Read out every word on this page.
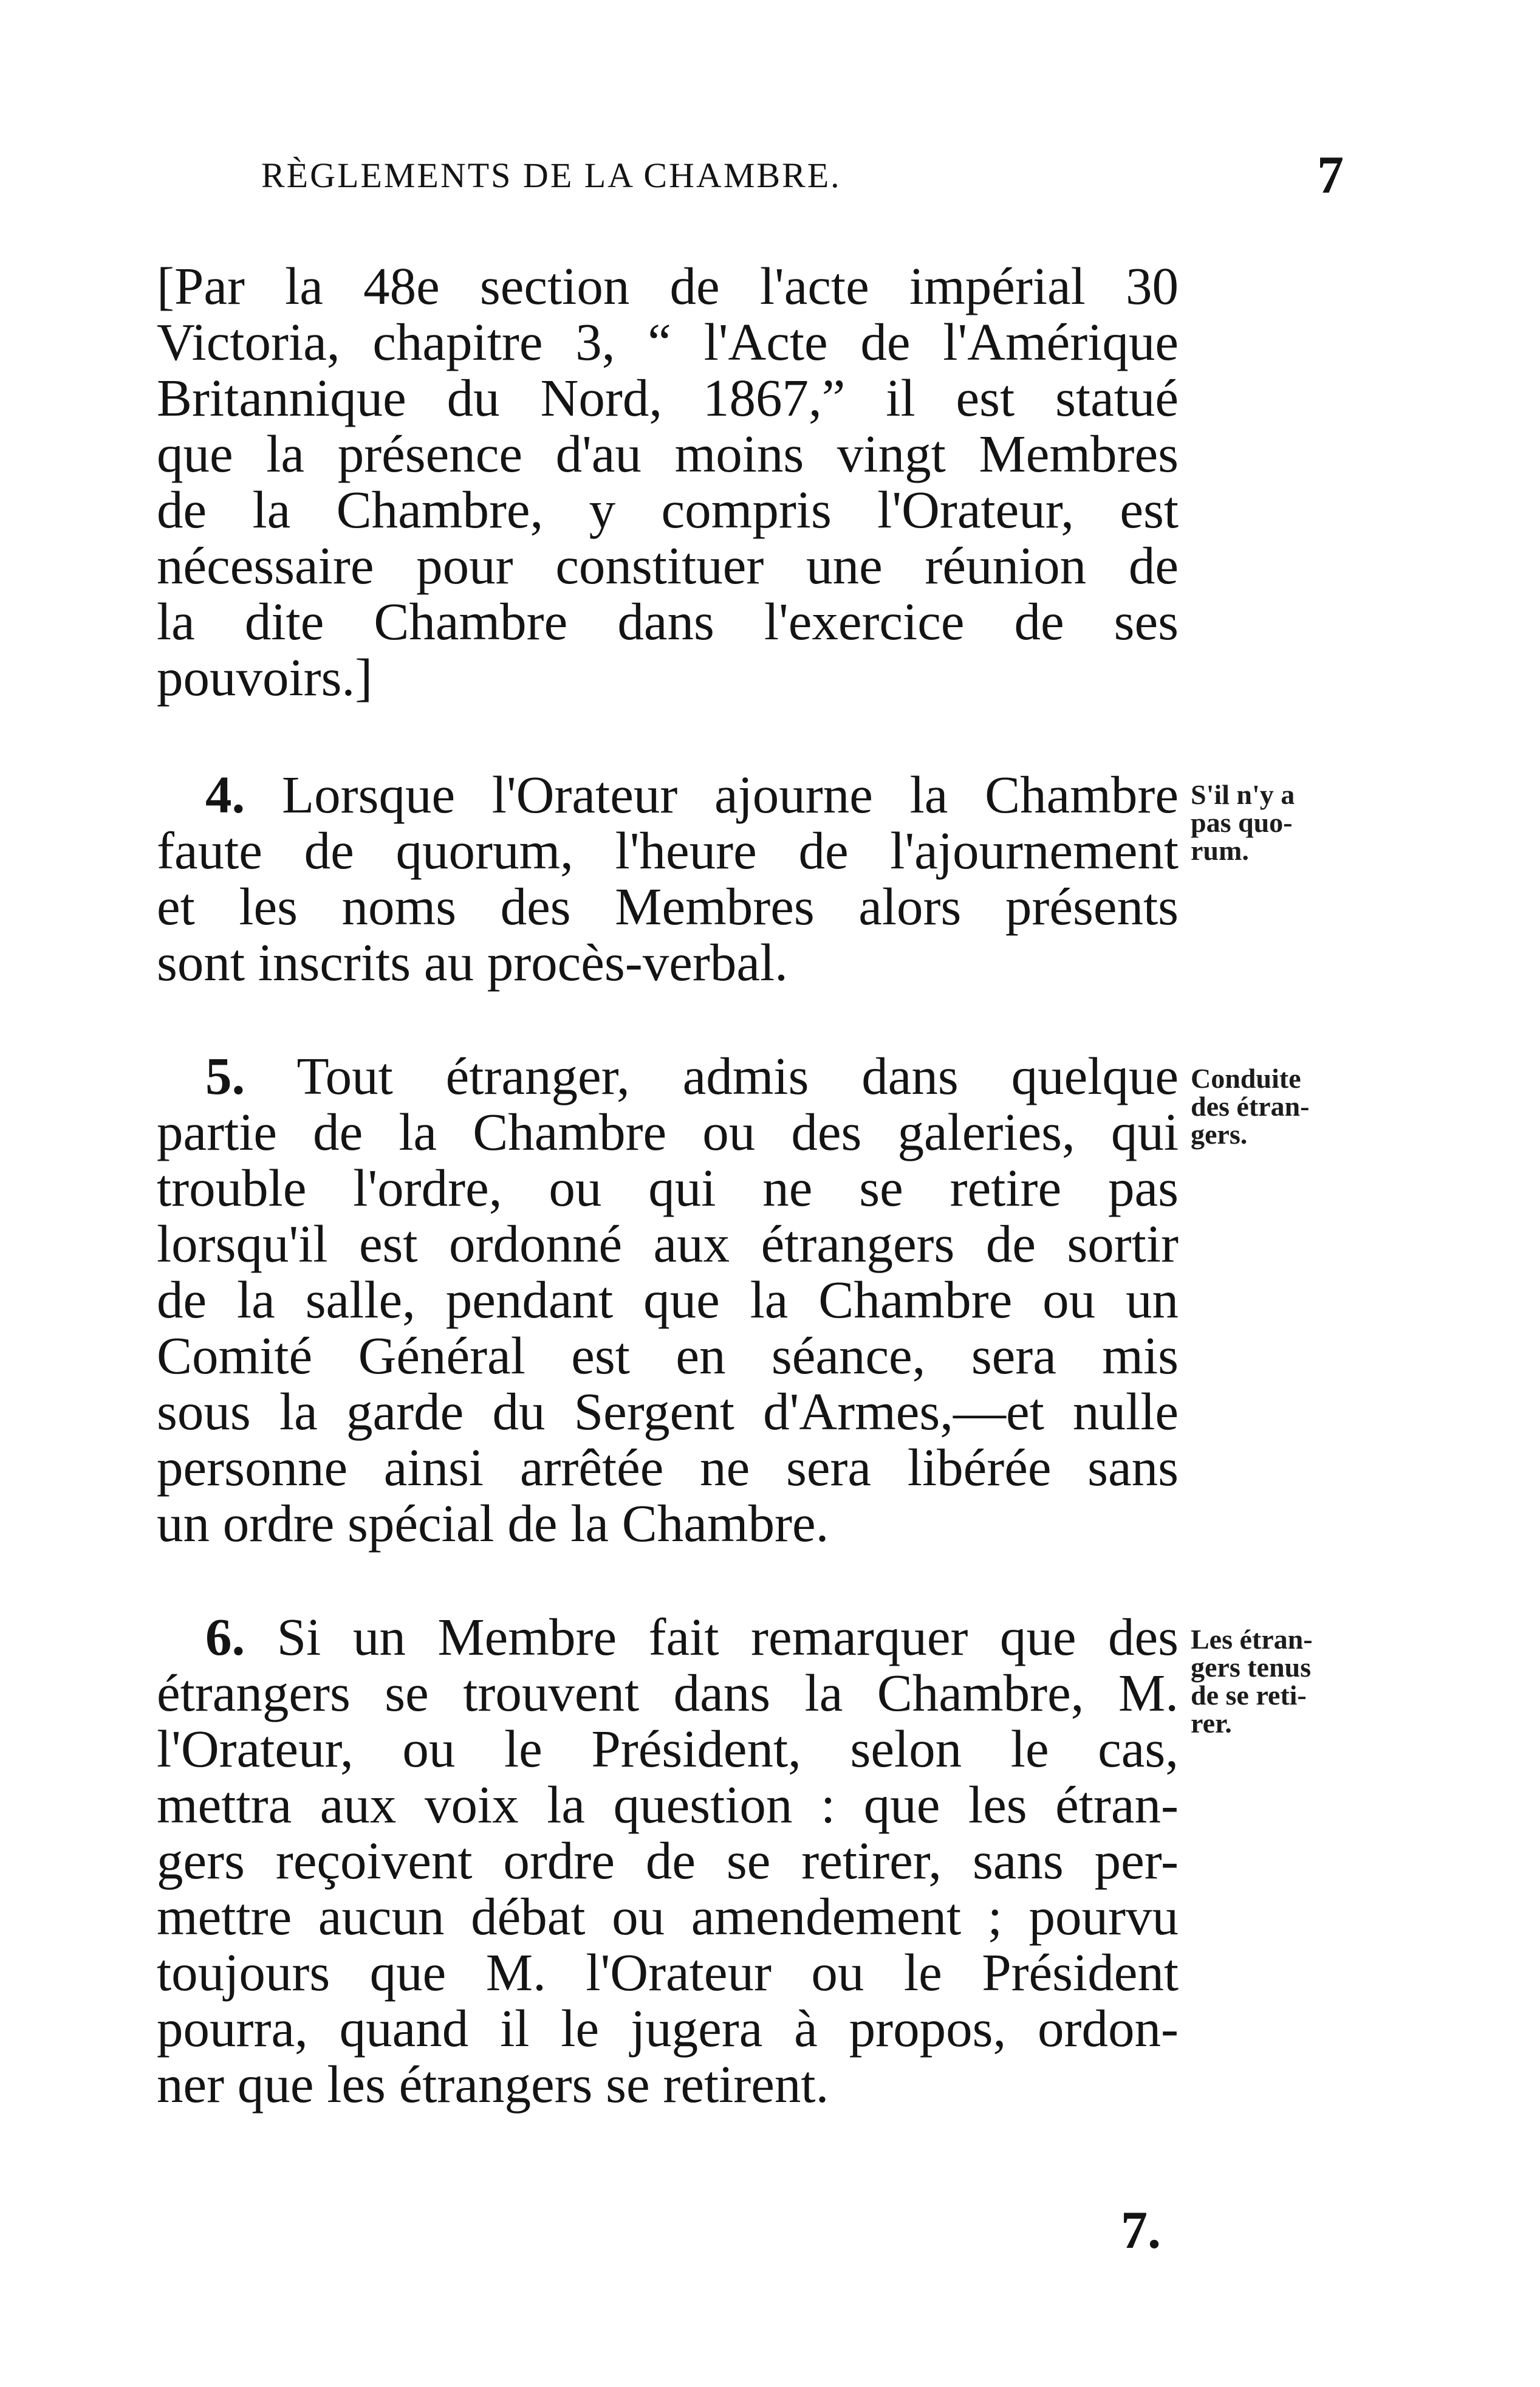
RÈGLEMENTS DE LA CHAMBRE.	7
[Par la 48e section de l'acte impérial 30
Victoria, chapitre 3, “ l'Acte de l'Amérique
Britannique du Nord, 1867,” il est statué
que la présence d'au moins vingt Membres
de la Chambre, y compris l'Orateur, est
nécessaire pour constituer une réunion de
la dite Chambre dans l'exercice de ses
pouvoirs.]
4. Lorsque l'Orateur ajourne la Chambre
faute de quorum, l'heure de l'ajournement
et les noms des Membres alors présents
sont inscrits au procès-verbal.
S'il n'y a
pas quo-
rum.
5. Tout étranger, admis dans quelque
partie de la Chambre ou des galeries, qui
trouble l'ordre, ou qui ne se retire pas
lorsqu'il est ordonné aux étrangers de sortir
de la salle, pendant que la Chambre ou un
Comité Général est en séance, sera mis
sous la garde du Sergent d'Armes,—et nulle
personne ainsi arrêtée ne sera libérée sans
un ordre spécial de la Chambre.
Conduite
des étran-
gers.
6. Si un Membre fait remarquer que des
étrangers se trouvent dans la Chambre, M.
l'Orateur, ou le Président, selon le cas,
mettra aux voix la question : que les étran-
gers reçoivent ordre de se retirer, sans per-
mettre aucun débat ou amendement ; pourvu
toujours que M. l'Orateur ou le Président
pourra, quand il le jugera à propos, ordon-
ner que les étrangers se retirent.
Les étran-
gers tenus
de se reti-
rer.
7.
